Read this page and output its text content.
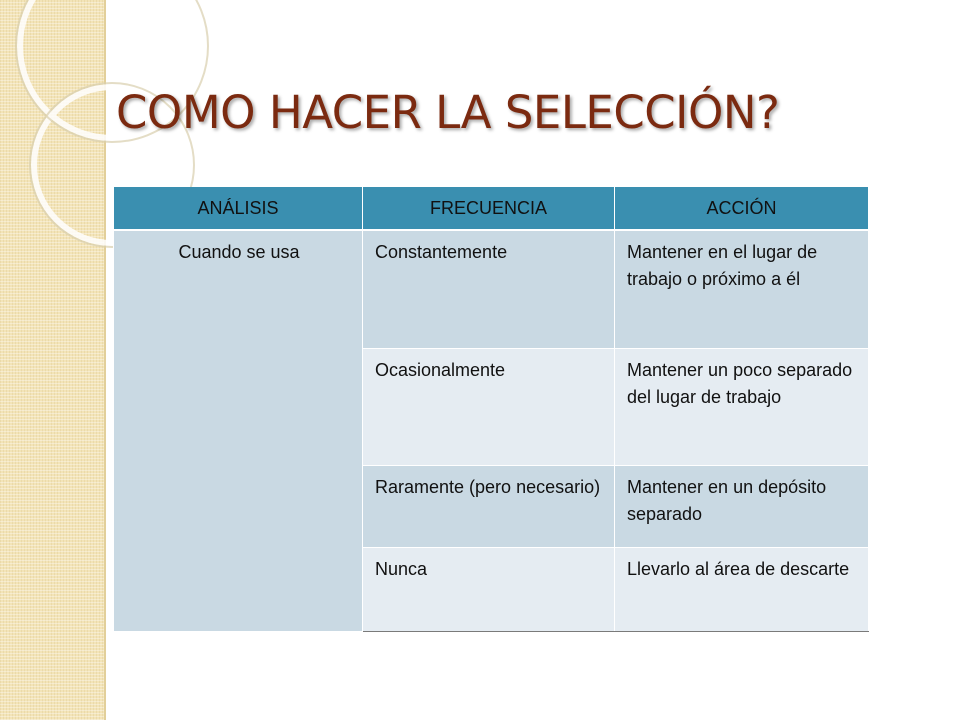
COMO HACER LA SELECCIÓN?
ANÁLISIS	FRECUENCIA	ACCIÓN
Cuando se usa	Constantemente	Mantener en el lugar de trabajo o próximo a él
	Ocasionalmente	Mantener un poco separado del lugar de trabajo
	Raramente (pero necesario)	Mantener en un depósito separado
	Nunca	Llevarlo al área de descarte
